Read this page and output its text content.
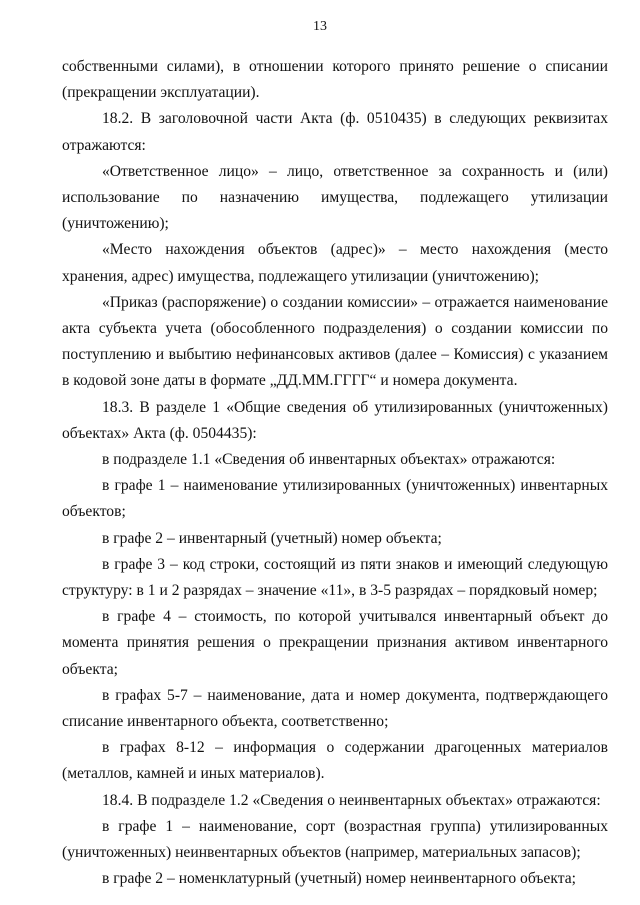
13

собственными силами), в отношении которого принято решение о списании (прекращении эксплуатации).

18.2. В заголовочной части Акта (ф. 0510435) в следующих реквизитах отражаются:

«Ответственное лицо» – лицо, ответственное за сохранность и (или) использование по назначению имущества, подлежащего утилизации (уничтожению);

«Место нахождения объектов (адрес)» – место нахождения (место хранения, адрес) имущества, подлежащего утилизации (уничтожению);

«Приказ (распоряжение) о создании комиссии» – отражается наименование акта субъекта учета (обособленного подразделения) о создании комиссии по поступлению и выбытию нефинансовых активов (далее – Комиссия) с указанием в кодовой зоне даты в формате „ДД.ММ.ГГГГ“ и номера документа.

18.3. В разделе 1 «Общие сведения об утилизированных (уничтоженных) объектах» Акта (ф. 0504435):

в подразделе 1.1 «Сведения об инвентарных объектах» отражаются:

в графе 1 – наименование утилизированных (уничтоженных) инвентарных объектов;

в графе 2 – инвентарный (учетный) номер объекта;

в графе 3 – код строки, состоящий из пяти знаков и имеющий следующую структуру: в 1 и 2 разрядах – значение «11», в 3-5 разрядах – порядковый номер;

в графе 4 – стоимость, по которой учитывался инвентарный объект до момента принятия решения о прекращении признания активом инвентарного объекта;

в графах 5-7 – наименование, дата и номер документа, подтверждающего списание инвентарного объекта, соответственно;

в графах 8-12 – информация о содержании драгоценных материалов (металлов, камней и иных материалов).

18.4. В подразделе 1.2 «Сведения о неинвентарных объектах» отражаются:

в графе 1 – наименование, сорт (возрастная группа) утилизированных (уничтоженных) неинвентарных объектов (например, материальных запасов);

в графе 2 – номенклатурный (учетный) номер неинвентарного объекта;
